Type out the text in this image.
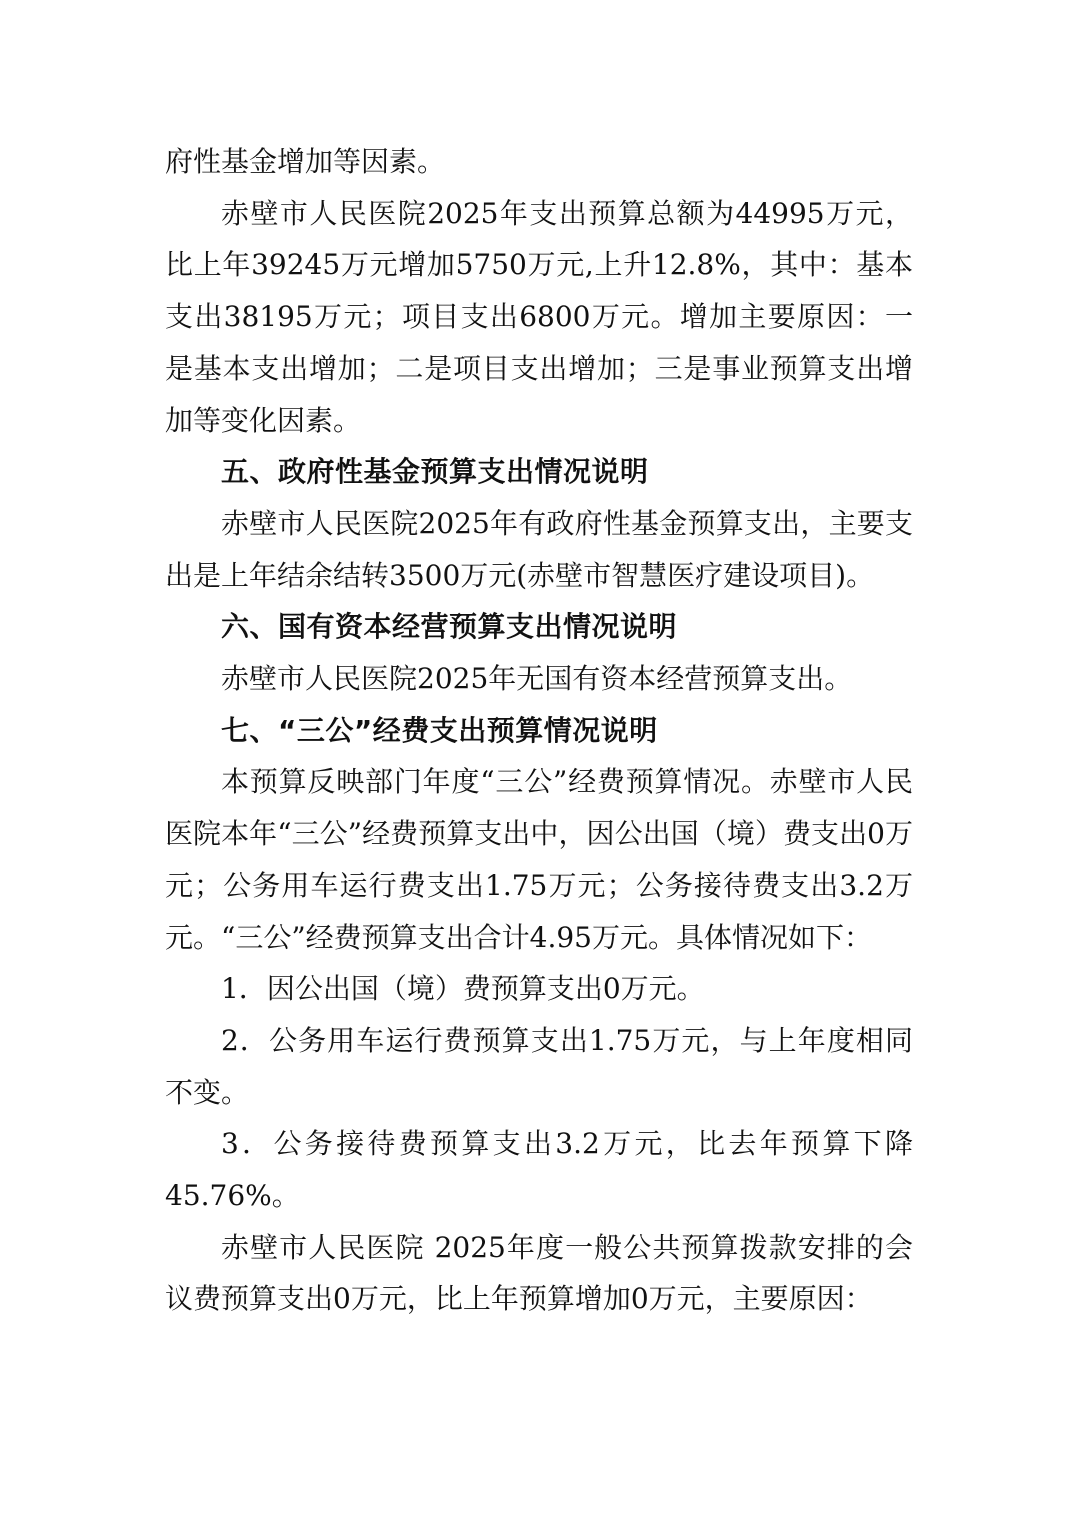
府性基金增加等因素。

赤壁市人民医院2025年支出预算总额为44995万元，比上年39245万元增加5750万元,上升12.8%，其中：基本支出38195万元；项目支出6800万元。增加主要原因：一是基本支出增加；二是项目支出增加；三是事业预算支出增加等变化因素。

五、政府性基金预算支出情况说明

赤壁市人民医院2025年有政府性基金预算支出，主要支出是上年结余结转3500万元(赤壁市智慧医疗建设项目)。

六、国有资本经营预算支出情况说明

赤壁市人民医院2025年无国有资本经营预算支出。

七、“三公”经费支出预算情况说明

本预算反映部门年度“三公”经费预算情况。赤壁市人民医院本年“三公”经费预算支出中，因公出国（境）费支出0万元；公务用车运行费支出1.75万元；公务接待费支出3.2万元。“三公”经费预算支出合计4.95万元。具体情况如下：

1．因公出国（境）费预算支出0万元。

2．公务用车运行费预算支出1.75万元，与上年度相同不变。

3．公务接待费预算支出3.2万元，比去年预算下降45.76%。

赤壁市人民医院 2025年度一般公共预算拨款安排的会议费预算支出0万元，比上年预算增加0万元，主要原因：
